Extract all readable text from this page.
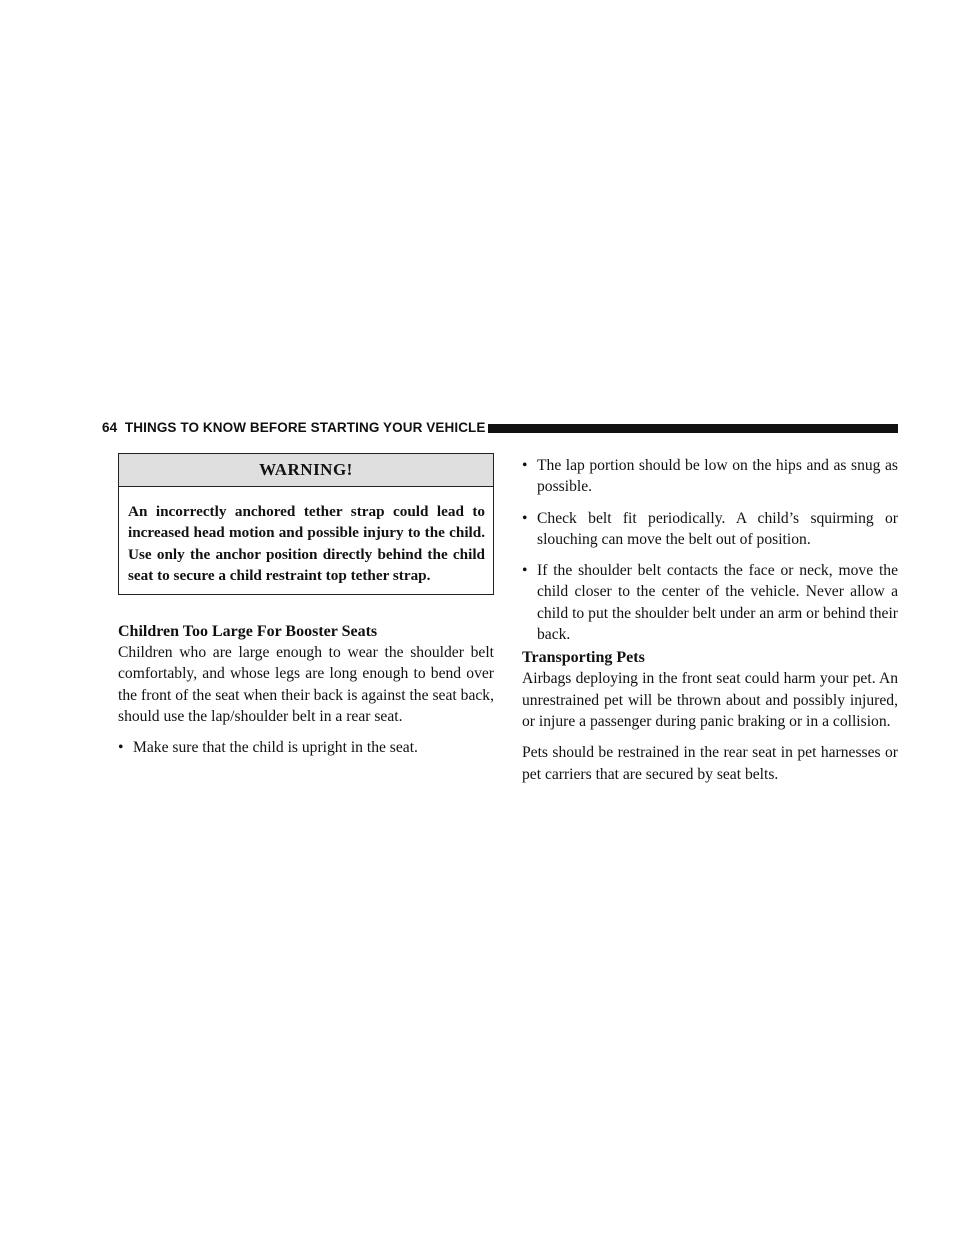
64 THINGS TO KNOW BEFORE STARTING YOUR VEHICLE
WARNING!
An incorrectly anchored tether strap could lead to increased head motion and possible injury to the child. Use only the anchor position directly behind the child seat to secure a child restraint top tether strap.

Children Too Large For Booster Seats

Children who are large enough to wear the shoulder belt comfortably, and whose legs are long enough to bend over the front of the seat when their back is against the seat back, should use the lap/shoulder belt in a rear seat.

• Make sure that the child is upright in the seat.
• The lap portion should be low on the hips and as snug as possible.
• Check belt fit periodically. A child’s squirming or slouching can move the belt out of position.
• If the shoulder belt contacts the face or neck, move the child closer to the center of the vehicle. Never allow a child to put the shoulder belt under an arm or behind their back.

Transporting Pets

Airbags deploying in the front seat could harm your pet. An unrestrained pet will be thrown about and possibly injured, or injure a passenger during panic braking or in a collision.

Pets should be restrained in the rear seat in pet harnesses or pet carriers that are secured by seat belts.
